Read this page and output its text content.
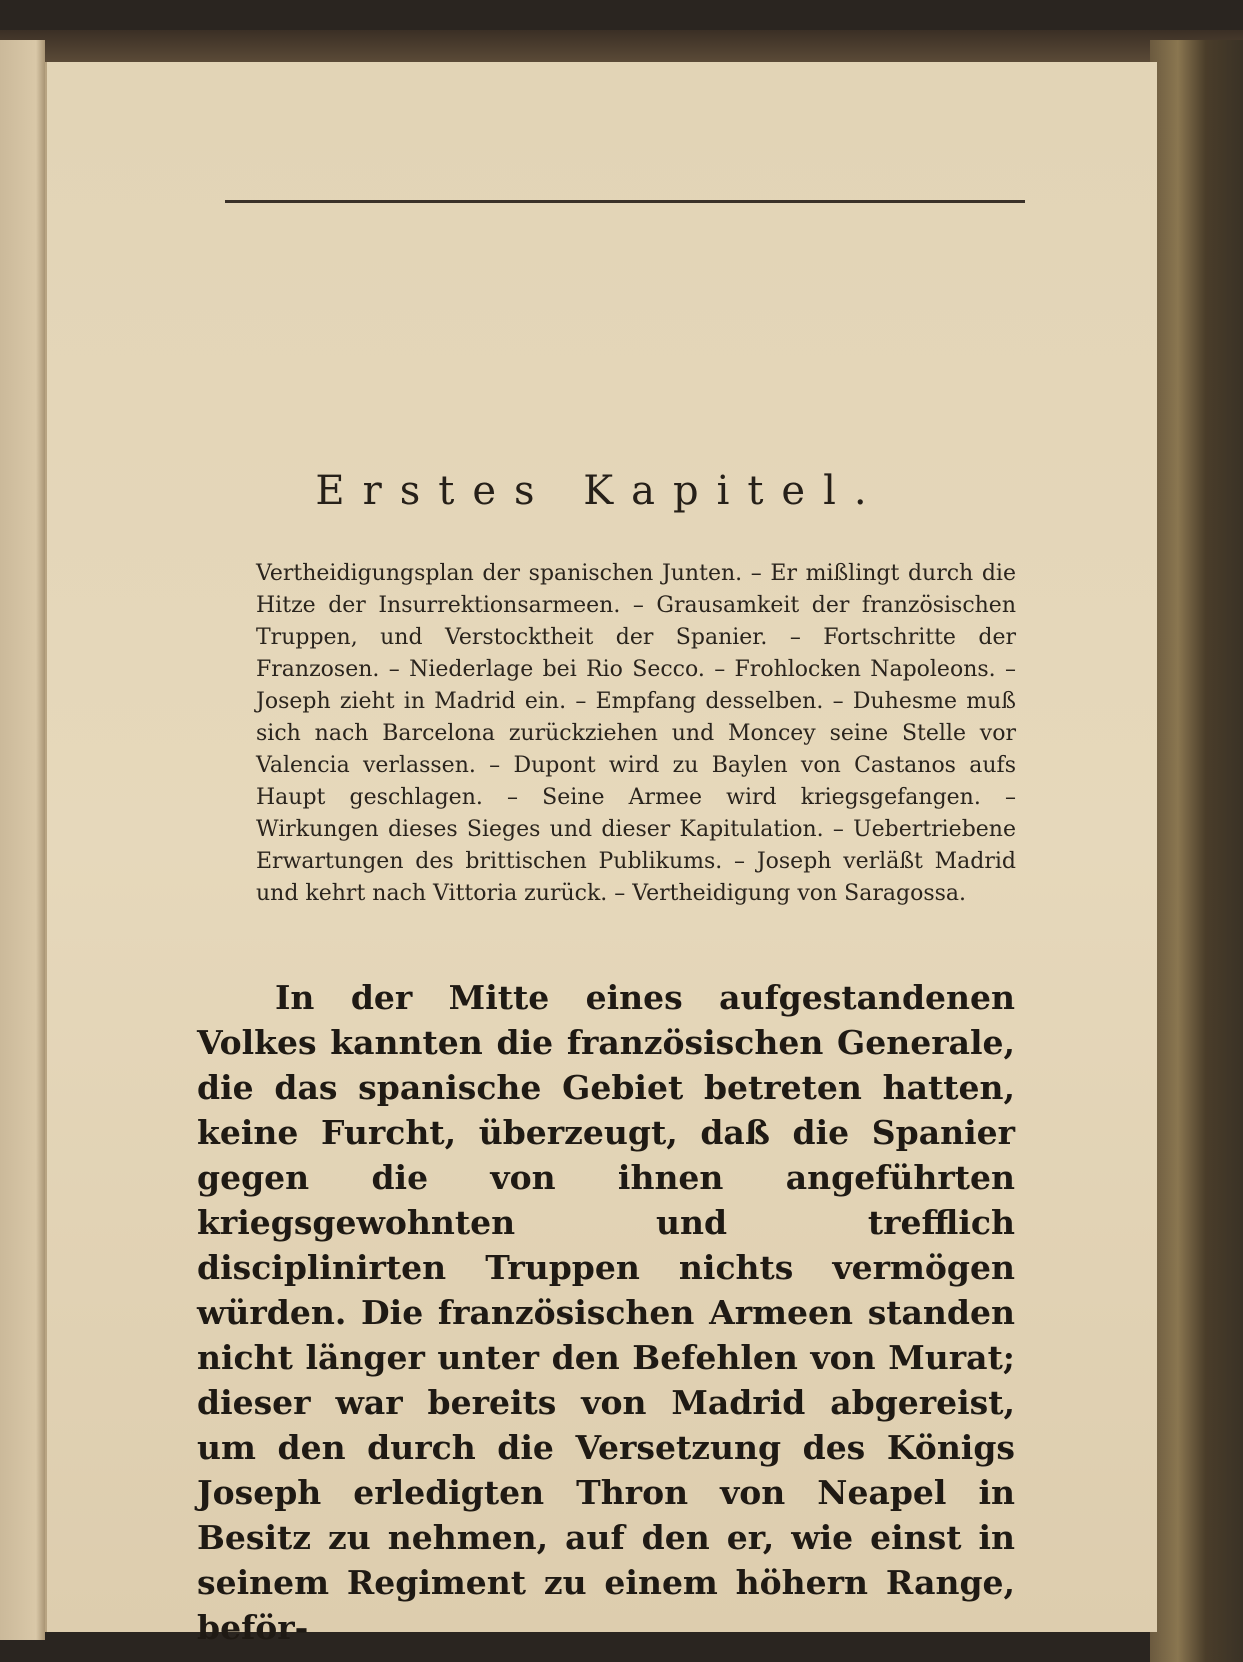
Erstes Kapitel.
Vertheidigungsplan der spanischen Junten. – Er mißlingt durch die Hitze der Insurrektionsarmeen. – Grausamkeit der französischen Truppen, und Verstocktheit der Spanier. – Fortschritte der Franzosen. – Niederlage bei Rio Secco. – Frohlocken Napoleons. – Joseph zieht in Madrid ein. – Empfang desselben. – Duhesme muß sich nach Barcelona zurückziehen und Moncey seine Stelle vor Valencia verlassen. – Dupont wird zu Baylen von Castanos aufs Haupt geschlagen. – Seine Armee wird kriegsgefangen. – Wirkungen dieses Sieges und dieser Kapitulation. – Uebertriebene Erwartungen des brittischen Publikums. – Joseph verläßt Madrid und kehrt nach Vittoria zurück. – Vertheidigung von Saragossa.
In der Mitte eines aufgestandenen Volkes kannten die französischen Generale, die das spanische Gebiet betreten hatten, keine Furcht, überzeugt, daß die Spanier gegen die von ihnen angeführten kriegsgewohnten und trefflich disciplinirten Truppen nichts vermögen würden. Die französischen Armeen standen nicht länger unter den Befehlen von Murat; dieser war bereits von Madrid abgereist, um den durch die Versetzung des Königs Joseph erledigten Thron von Neapel in Besitz zu nehmen, auf den er, wie einst in seinem Regiment zu einem höhern Range, beför-
